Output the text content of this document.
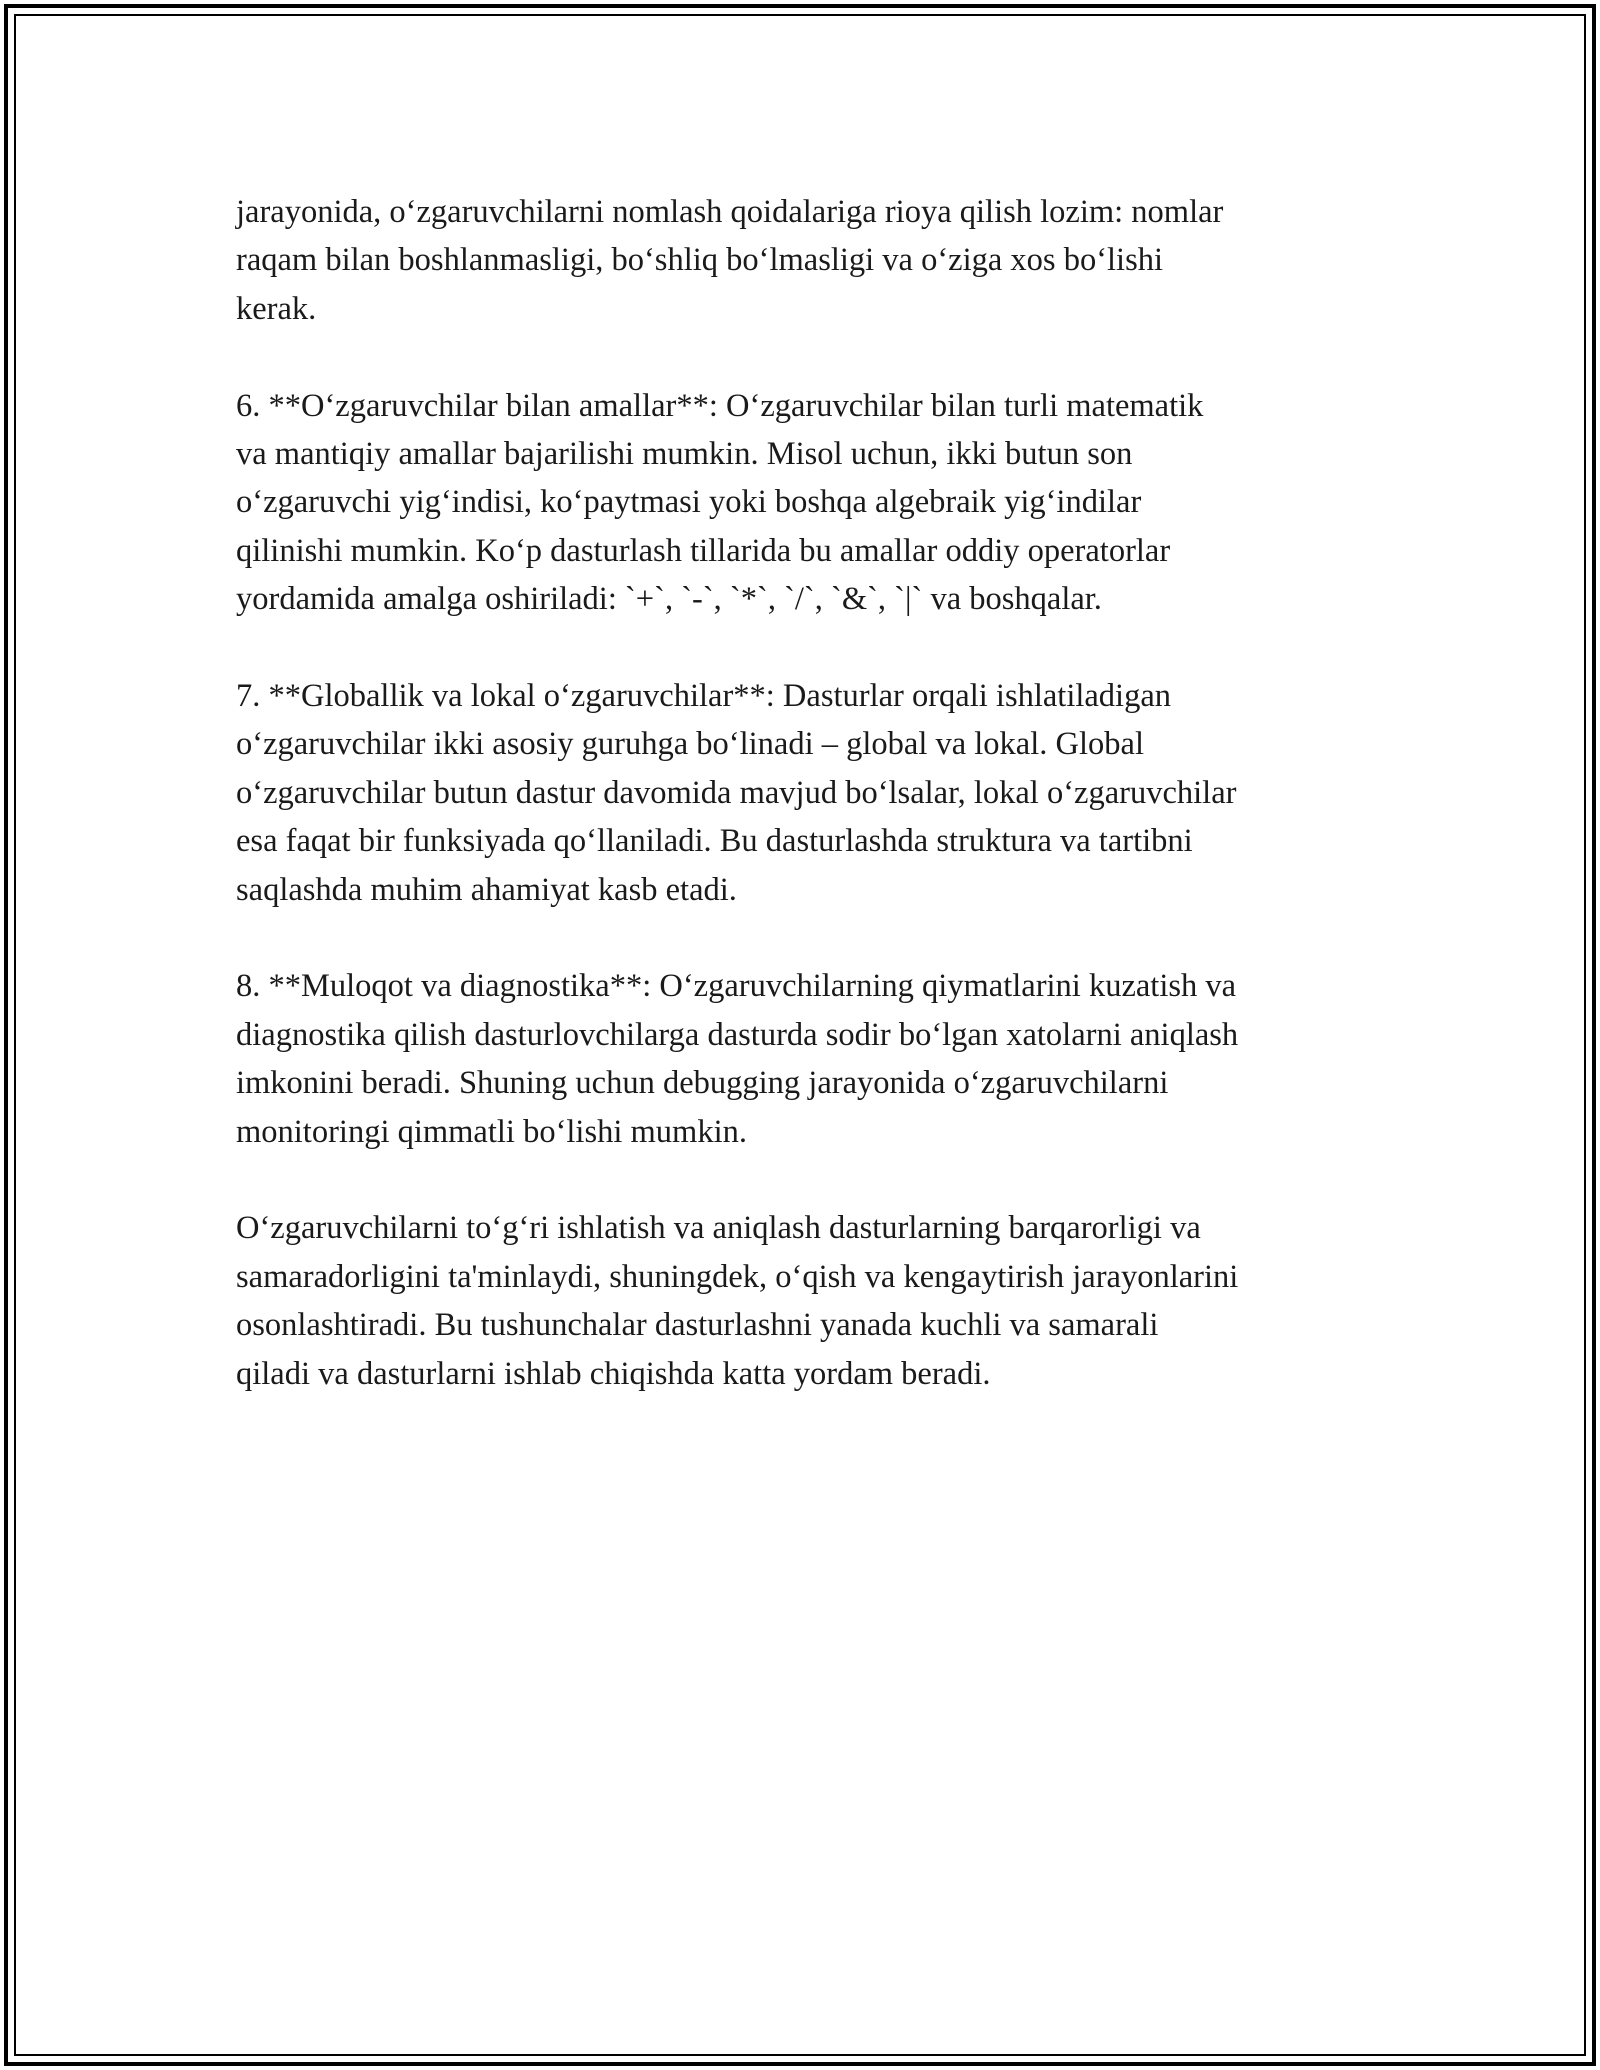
jarayonida, o‘zgaruvchilarni nomlash qoidalariga rioya qilish lozim: nomlar
raqam bilan boshlanmasligi, bo‘shliq bo‘lmasligi va o‘ziga xos bo‘lishi
kerak.

6. **O‘zgaruvchilar bilan amallar**: O‘zgaruvchilar bilan turli matematik
va mantiqiy amallar bajarilishi mumkin. Misol uchun, ikki butun son
o‘zgaruvchi yig‘indisi, ko‘paytmasi yoki boshqa algebraik yig‘indilar
qilinishi mumkin. Ko‘p dasturlash tillarida bu amallar oddiy operatorlar
yordamida amalga oshiriladi: `+`, `-`, `*`, `/`, `&`, `|` va boshqalar.

7. **Globallik va lokal o‘zgaruvchilar**: Dasturlar orqali ishlatiladigan
o‘zgaruvchilar ikki asosiy guruhga bo‘linadi – global va lokal. Global
o‘zgaruvchilar butun dastur davomida mavjud bo‘lsalar, lokal o‘zgaruvchilar
esa faqat bir funksiyada qo‘llaniladi. Bu dasturlashda struktura va tartibni
saqlashda muhim ahamiyat kasb etadi.

8. **Muloqot va diagnostika**: O‘zgaruvchilarning qiymatlarini kuzatish va
diagnostika qilish dasturlovchilarga dasturda sodir bo‘lgan xatolarni aniqlash
imkonini beradi. Shuning uchun debugging jarayonida o‘zgaruvchilarni
monitoringi qimmatli bo‘lishi mumkin.

O‘zgaruvchilarni to‘g‘ri ishlatish va aniqlash dasturlarning barqarorligi va
samaradorligini ta'minlaydi, shuningdek, o‘qish va kengaytirish jarayonlarini
osonlashtiradi. Bu tushunchalar dasturlashni yanada kuchli va samarali
qiladi va dasturlarni ishlab chiqishda katta yordam beradi.
